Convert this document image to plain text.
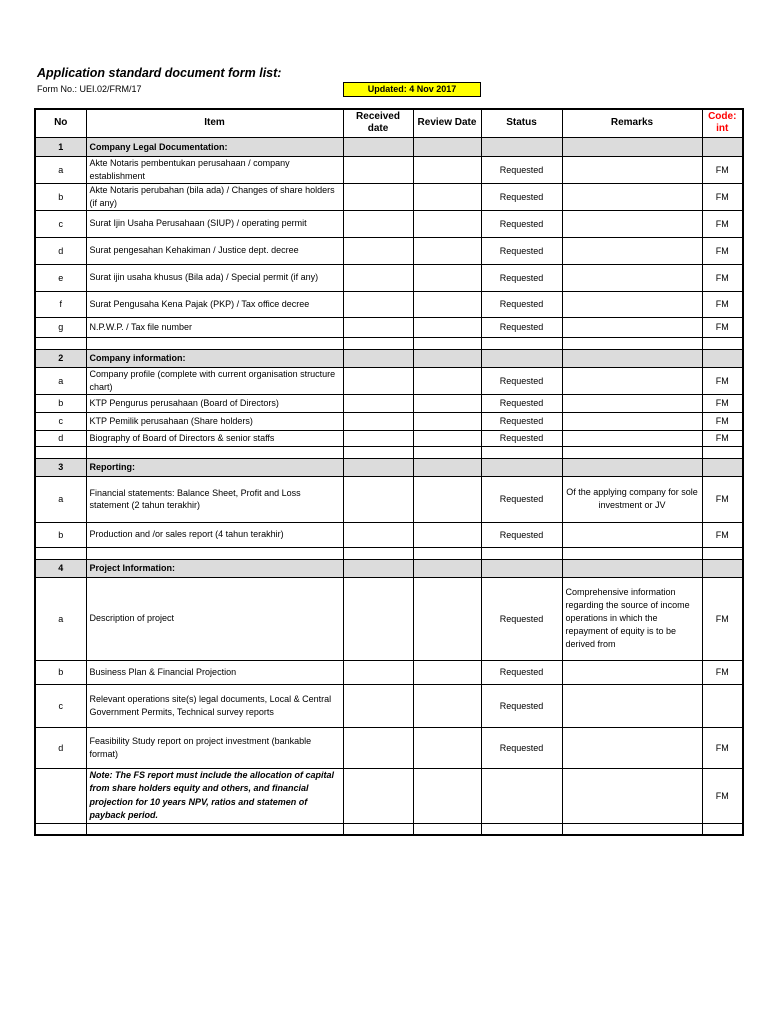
Application standard document form list:
Form No.: UEI.02/FRM/17	Updated: 4 Nov 2017
No	Item	Received date	Review Date	Status	Remarks	Code: int
1	Company Legal Documentation:					
a	Akte Notaris pembentukan perusahaan / company establishment			Requested		FM
b	Akte Notaris perubahan (bila ada) / Changes of share holders (if any)			Requested		FM
c	Surat Ijin Usaha Perusahaan (SIUP) / operating permit			Requested		FM
d	Surat pengesahan Kehakiman / Justice dept. decree			Requested		FM
e	Surat ijin usaha khusus (Bila ada) / Special permit (if any)			Requested		FM
f	Surat Pengusaha Kena Pajak (PKP) / Tax office decree			Requested		FM
g	N.P.W.P. / Tax file number			Requested		FM

2	Company information:					
a	Company profile (complete with current organisation structure chart)			Requested		FM
b	KTP Pengurus perusahaan (Board of Directors)			Requested		FM
c	KTP Pemilik perusahaan (Share holders)			Requested		FM
d	Biography of Board of Directors & senior staffs			Requested		FM

3	Reporting:					
a	Financial statements: Balance Sheet, Profit and Loss statement (2 tahun terakhir)			Requested	Of the applying company for sole investment or JV	FM
b	Production and /or sales report (4 tahun terakhir)			Requested		FM

4	Project Information:					
a	Description of project			Requested	Comprehensive information regarding the source of income operations in which the repayment of equity is to be derived from	FM
b	Business Plan & Financial Projection			Requested		FM
c	Relevant operations site(s) legal documents, Local & Central Government Permits, Technical survey reports			Requested		
d	Feasibility Study report on project investment (bankable format)			Requested		FM
	Note: The FS report must include the allocation of capital from share holders equity and others, and financial projection for 10 years NPV, ratios and statemen of payback period.					FM
